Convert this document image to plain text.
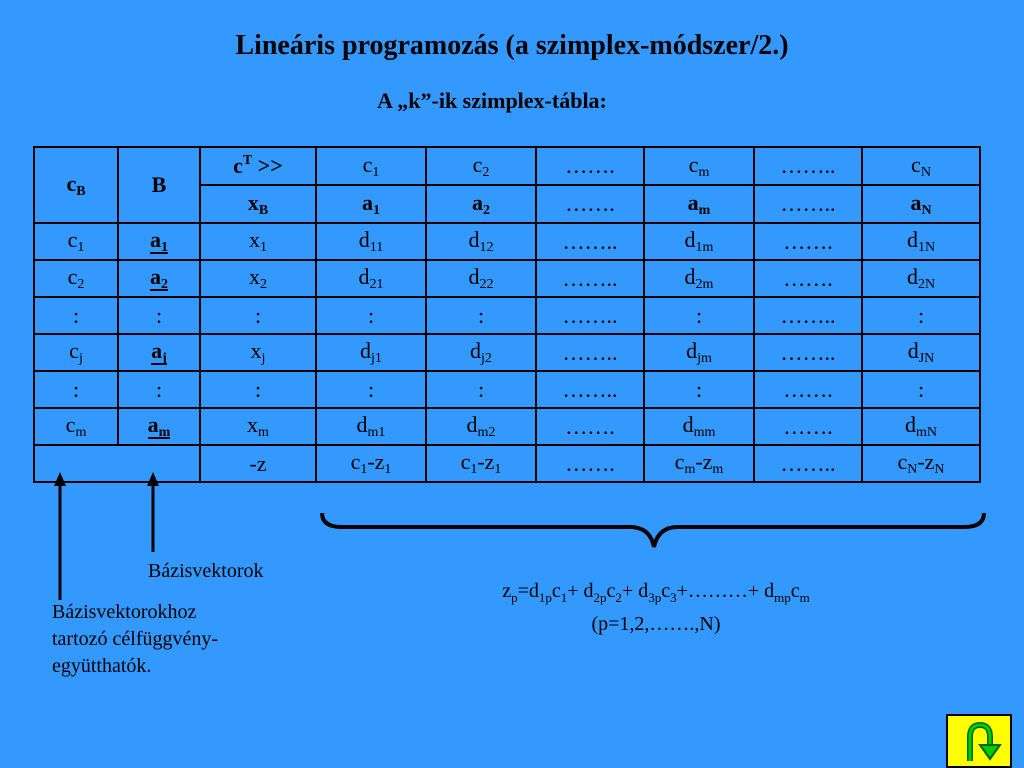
Lineáris programozás (a szimplex-módszer/2.)
A „k”-ik szimplex-tábla:
$c_B$	B	$c^T$ >>	$c_1$	$c_2$	…….	$c_m$	……..	$c_N$
		$x_B$	$a_1$	$a_2$	…….	$a_m$	……..	$a_N$
$c_1$	$a_1$	$x_1$	$d_{11}$	$d_{12}$	……..	$d_{1m}$	…….	$d_{1N}$
$c_2$	$a_2$	$x_2$	$d_{21}$	$d_{22}$	……..	$d_{2m}$	…….	$d_{2N}$
:	:	:	:	:	……..	:	……..	:
$c_j$	$a_j$	$x_j$	$d_{j1}$	$d_{j2}$	……..	$d_{jm}$	……..	$d_{JN}$
:	:	:	:	:	……..	:	…….	:
$c_m$	$a_m$	$x_m$	$d_{m1}$	$d_{m2}$	…….	$d_{mm}$	…….	$d_{mN}$
		-z	$c_1-z_1$	$c_1-z_1$	…….	$c_m-z_m$	……..	$c_N-z_N$
Bázisvektorok
Bázisvektorokhoz
tartozó célfüggvény-
együtthatók.
$z_p=d_{1p}c_1+ d_{2p}c_2+$ $d_{3p}c_3+\dots\dots\dots+ d_{mp}c_m$
(p=1,2,…….,N)
